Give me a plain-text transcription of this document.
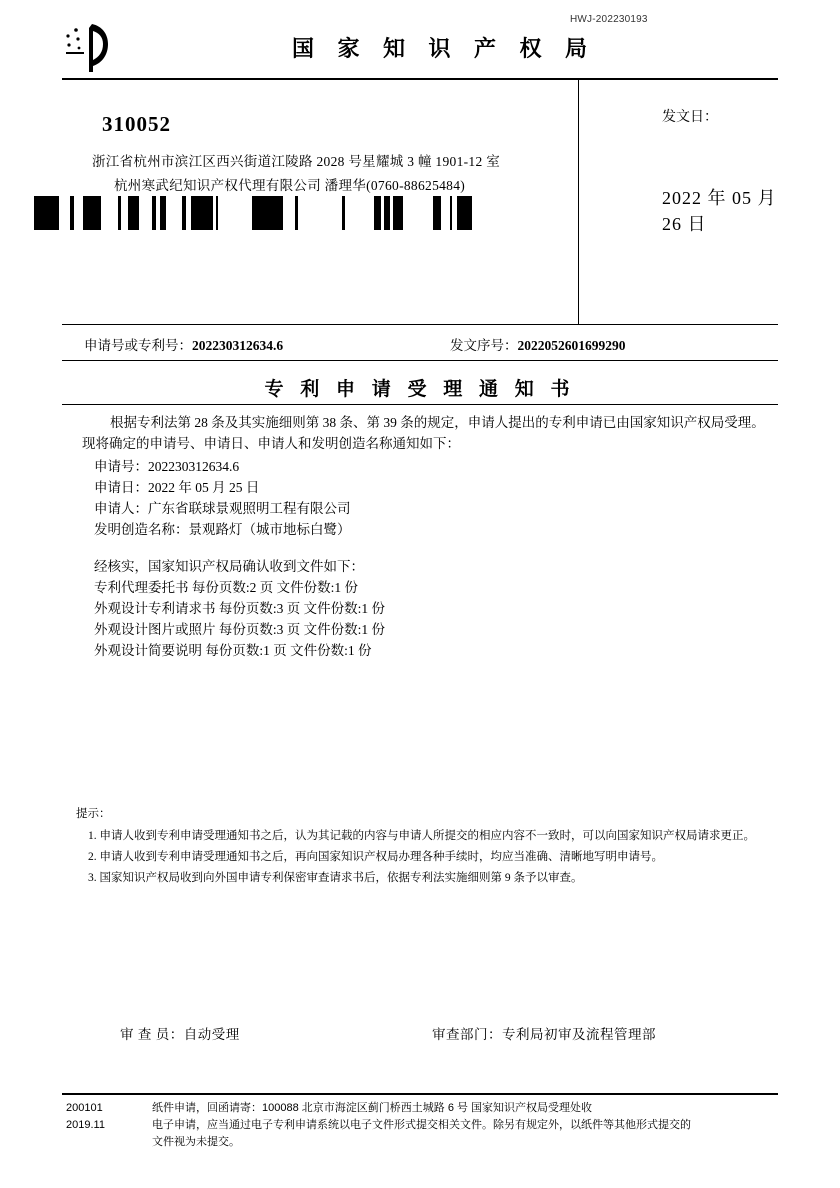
HWJ-202230193
国 家 知 识 产 权 局
310052
浙江省杭州市滨江区西兴街道江陵路 2028 号星耀城 3 幢 1901-12 室
杭州寒武纪知识产权代理有限公司 潘理华(0760-88625484)
发文日：
2022 年 05 月 26 日
申请号或专利号：202230312634.6	发文序号：2022052601699290
专 利 申 请 受 理 通 知 书

根据专利法第 28 条及其实施细则第 38 条、第 39 条的规定，申请人提出的专利申请已由国家知识产权局受理。现将确定的申请号、申请日、申请人和发明创造名称通知如下：

申请号：202230312634.6

申请日：2022 年 05 月 25 日

申请人：广东省联球景观照明工程有限公司

发明创造名称：景观路灯（城市地标白鹭）

经核实，国家知识产权局确认收到文件如下：

专利代理委托书 每份页数:2 页 文件份数:1 份

外观设计专利请求书 每份页数:3 页 文件份数:1 份

外观设计图片或照片 每份页数:3 页 文件份数:1 份

外观设计简要说明 每份页数:1 页 文件份数:1 份

提示：

1. 申请人收到专利申请受理通知书之后，认为其记载的内容与申请人所提交的相应内容不一致时，可以向国家知识产权局请求更正。

2. 申请人收到专利申请受理通知书之后，再向国家知识产权局办理各种手续时，均应当准确、清晰地写明申请号。

3. 国家知识产权局收到向外国申请专利保密审查请求书后，依据专利法实施细则第 9 条予以审查。

审 查 员：自动受理	审查部门：专利局初审及流程管理部
200101
2019.11
纸件申请，回函请寄：100088 北京市海淀区蓟门桥西土城路 6 号 国家知识产权局受理处收
电子申请，应当通过电子专利申请系统以电子文件形式提交相关文件。除另有规定外，以纸件等其他形式提交的
文件视为未提交。
